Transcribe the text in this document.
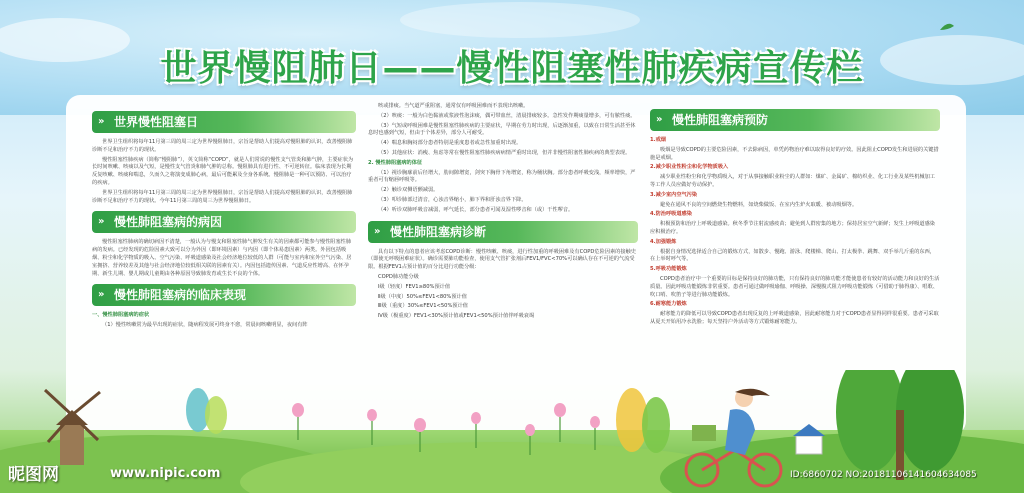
世界慢阻肺日——慢性阻塞性肺疾病宣传栏
» 世界慢性阻塞日

世界卫生组织将每年11月第三周的周三定为世界慢阻肺日，宗旨是帮助人们提高对慢阻肺的认识，改善慢阻肺诊断不足和治疗不力的现状。

慢性阻塞性肺疾病（简称“慢阻肺”），英文简称“COPD”，就是人们常说的慢性支气管炎和肺气肿，主要症状为长时间咳嗽、咳痰以及气短，是慢性支气管炎和肺气肿的总称。慢阻肺具有进行性、不可逆转征。临床表现为长期反复咳嗽、咳痰和喘息，久而久之将演变成肺心病，最后可能累及全身各系统。慢阻肺是一种可以预防、可以治疗的疾病。

世界卫生组织将每年11月第三周的周三定为世界慢阻肺日，宗旨是帮助人们提高对慢阻肺的认识，改善慢阻肺诊断不足和治疗不力的现状。今年11月第三周的周三为世界慢阻肺日。

» 慢性肺阻塞病的病因

慢性阻塞性肺病的确切病因不清楚，一般认为与慢支和阻塞性肺气肿发生有关的因素都可能参与慢性阻塞性肺病的发病。已经发现的危险因素大致可以分为外因（即环境因素）与内因（即个体易患因素）两类。外因包括吸烟、粉尘和化学物质的吸入、空气污染、呼吸道感染及社会经济地位较低的人群（可能与室内和室外空气污染、居室拥挤、营养较差及其他与社会经济地位较低相关联的因素有关）。内因包括遗传因素、气道反应性增高、在怀孕期、新生儿期、婴儿期或儿童期由各种原因导致肺发育或生长不良的个体。

» 慢性肺阻塞病的临床表现

一、慢性肺阻塞病的症状

（1）慢性咳嗽常为最早出现的症状，随病程发展可终身不愈，常晨间咳嗽明显，夜间有阵

咳或排痰。当气道严重阻塞，通常仅有呼吸困难而不表现出咳嗽。

（2）咳痰：一般为白色黏液或浆液性泡沫痰，偶可带血丝，清晨排痰较多。急性发作期痰量增多，可有脓性痰。

（3）气短或呼吸困难是慢性阻塞性肺疾病的主要症状，早期在劳力时出现，后逐渐加重，以致在日常生活甚至休息时也感到气短，但由于个体差异，部分人可耐受。

（4）喘息和胸闷部分患者特别是重度患者或急性加重时出现。

（5）其他症状：消瘦、焦虑等常在慢性阻塞性肺疾病病情严重时出现，但并非慢性阻塞性肺疾病的典型表现。

2. 慢性肺阻塞病的体征

（1）视诊胸廓前后径增大，肋间隙增宽，剑突下胸骨下角增宽，称为桶状胸。部分患者呼吸变浅，频率增快，严重者可有缩唇呼吸等。

（2）触诊双侧语颤减弱。

（3）叩诊肺部过清音，心浊音界缩小，肺下界和肝浊音界下降。

（4）听诊双肺呼吸音减弱，呼气延长，部分患者可闻及湿性啰音和（或）干性啰音。

» 慢性肺阻塞病诊断

具有以下特点的患者应该考虑COPD诊断：慢性咳嗽、咳痰，进行性加重的呼吸困难及有COPD危险因素的接触史（即使无呼吸困难症状）。确诊需要肺功能检查，使用支气管扩张剂后FEV1/FVC<70%可以确认存在不可逆的气流受限。根据FEV1占预计值的百分比进行功能分级：

COPD肺功能分级

Ⅰ级（轻度）FEV1≥80%预计值

Ⅱ级（中度）50%≤FEV1<80%预计值

Ⅲ级（重度）30%≤FEV1<50%预计值

Ⅳ级（极重度）FEV1<30%预计值或FEV1<50%预计值伴呼吸衰竭

» 慢性肺阻塞病预防

1.戒烟

吸烟是导致COPD的主要危险因素，不去除病因，单凭药物治疗难以取得良好的疗效。因此阻止COPD发生和进展的关键措施是戒烟。

2.减少职业性粉尘和化学物质吸入

减少职业性粉尘和化学物质吸入，对于从事接触职业粉尘的人群如：煤矿、金属矿、棉纺织业、化工行业及某些机械加工等工作人员应做好劳动保护。

3.减少室内空气污染

避免在通风不良的空间燃烧生物燃料，如烧柴做饭、在室内生炉火取暖、被动吸烟等。

4.防治呼吸道感染

积极预防和治疗上呼吸道感染。秋冬季节注射流感疫苗；避免到人群密集的地方；保持居室空气新鲜；发生上呼吸道感染应积极治疗。

4.加强锻炼

根据自身情况选择适合自己的锻炼方式，如散步、慢跑、游泳、爬楼梯、爬山、打太极拳、跳舞、双手举几斤重的东西，在上举时呼气等。

5.呼吸功能锻炼

COPD患者治疗中一个重要的目标是保持良好的肺功能，只有保持良好的肺功能才能使患者有较好的活动能力和良好的生活质量。因此呼吸功能锻炼非常重要。患者可通过做呼吸瑜伽、呼吸操、深慢腹式阻力呼吸功能锻炼（可借助于肺得康）、唱歌、吹口哨、吹笛子等进行肺功能锻炼。

6.耐寒能力锻炼

耐寒能力的降低可以导致COPD患者出现反复的上呼吸道感染，因此耐寒能力对于COPD患者显得同样很重要。患者可采取从夏天开始用冷水洗脸；每天坚持户外活动等方式锻炼耐寒能力。

昵图网	www.nipic.com	ID:6860702 NO:20181106141604634085
